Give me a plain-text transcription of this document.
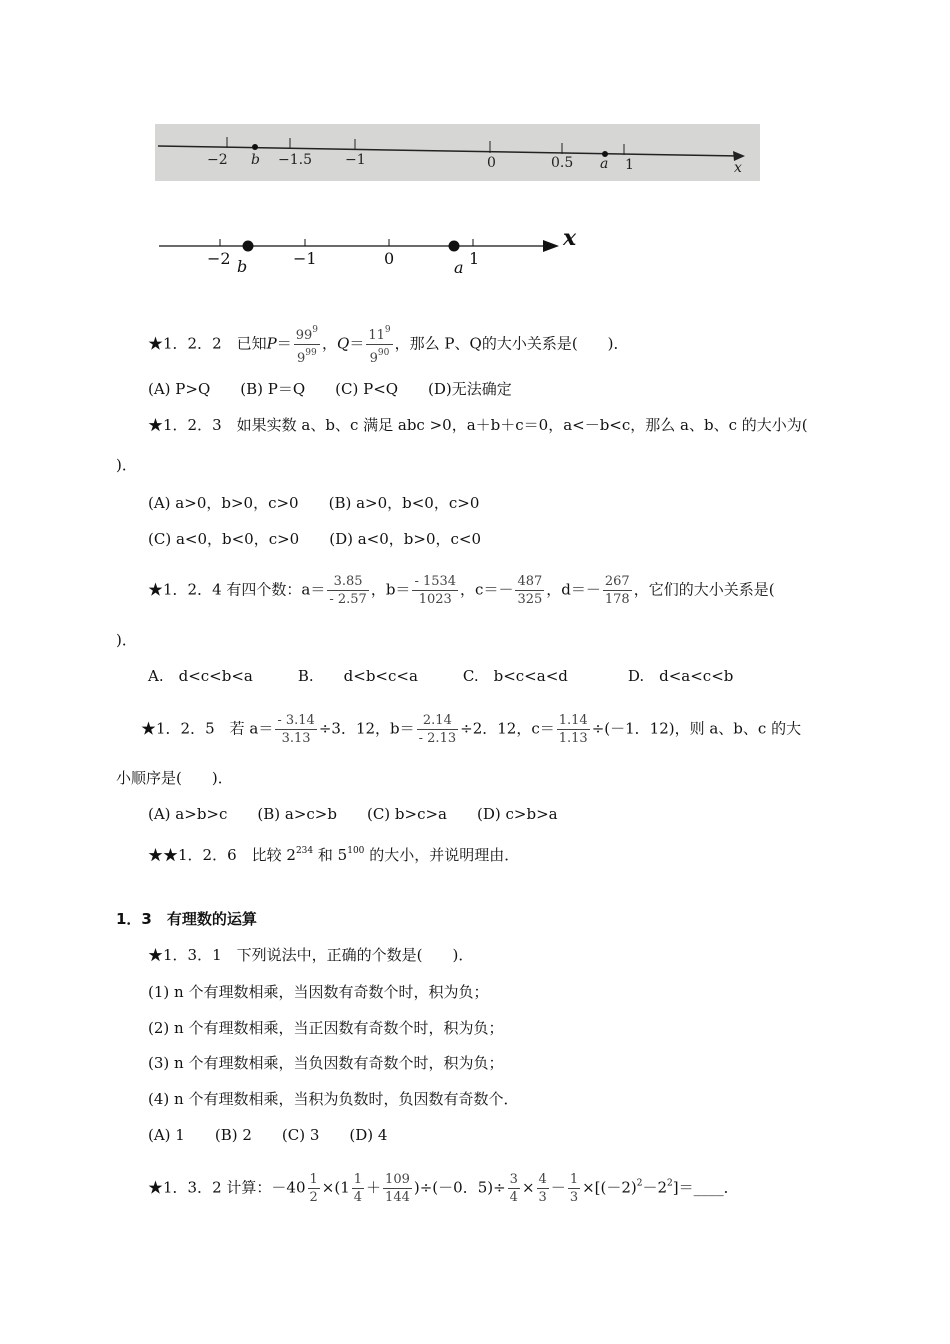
−2 b −1.5 −1	0	0.5 a 1	x
−2	−1	0	1
b	a
x
★1．2．2　已知$P= \frac{99^9}{9^{99}}$ ，$Q= \frac{11^9}{9^{90}}$ ，那么 P、Q的大小关系是(　　)．
(A) P>Q　　(B) P＝Q　　(C) P<Q　　(D)无法确定
★1．2．3　如果实数 a、b、c 满足 abc >0，a＋b＋c＝0，a<－b<c，那么 a、b、c 的大小为(
)．
(A) a>0，b>0，c>0　　(B) a>0，b<0，c>0
(C) a<0，b<0，c>0　　(D) a<0，b>0，c<0
★1．2．4 有四个数：$a= \frac{3.85}{- 2.57}$ ，$b= \frac{- 1534}{1023}$ ，$c=- \frac{487}{325}$ ，$d=- \frac{267}{178}$ ，它们的大小关系是(
)．
A.　d<c<b<a　　　B.　　d<b<c<a　　　C.　b<c<a<d　　　　D.　d<a<c<b
★1．2．5　若 $a= \frac{- 3.14}{3.13} \div 3$．12，$b= \frac{2.14}{- 2.13} \div 2$．12，$c= \frac{1.14}{1.13} \div(-1$．12)，则 a、b、c 的大
小顺序是(　　)．
(A) a>b>c　　(B) a>c>b　　(C) b>c>a　　(D) c>b>a
★★1．2．6　比较 $2^{234}$ 和 $5^{100}$ 的大小，并说明理由．
1．3　有理数的运算
★1．3．1　下列说法中，正确的个数是(　　)．
(1) n 个有理数相乘，当因数有奇数个时，积为负；
(2) n 个有理数相乘，当正因数有奇数个时，积为负；
(3) n 个有理数相乘，当负因数有奇数个时，积为负；
(4) n 个有理数相乘，当积为负数时，负因数有奇数个．
(A) 1　　(B) 2　　(C) 3　　(D) 4
★1．3．2 计算：$-40 \frac{1}{2} \times(1 \frac{1}{4} + \frac{109}{144} )\div(-0$．$5)\div \frac{3}{4} \times \frac{4}{3} - \frac{1}{3}$ $\times[(-2)^2-2^2]=\_\_\_\_$．
